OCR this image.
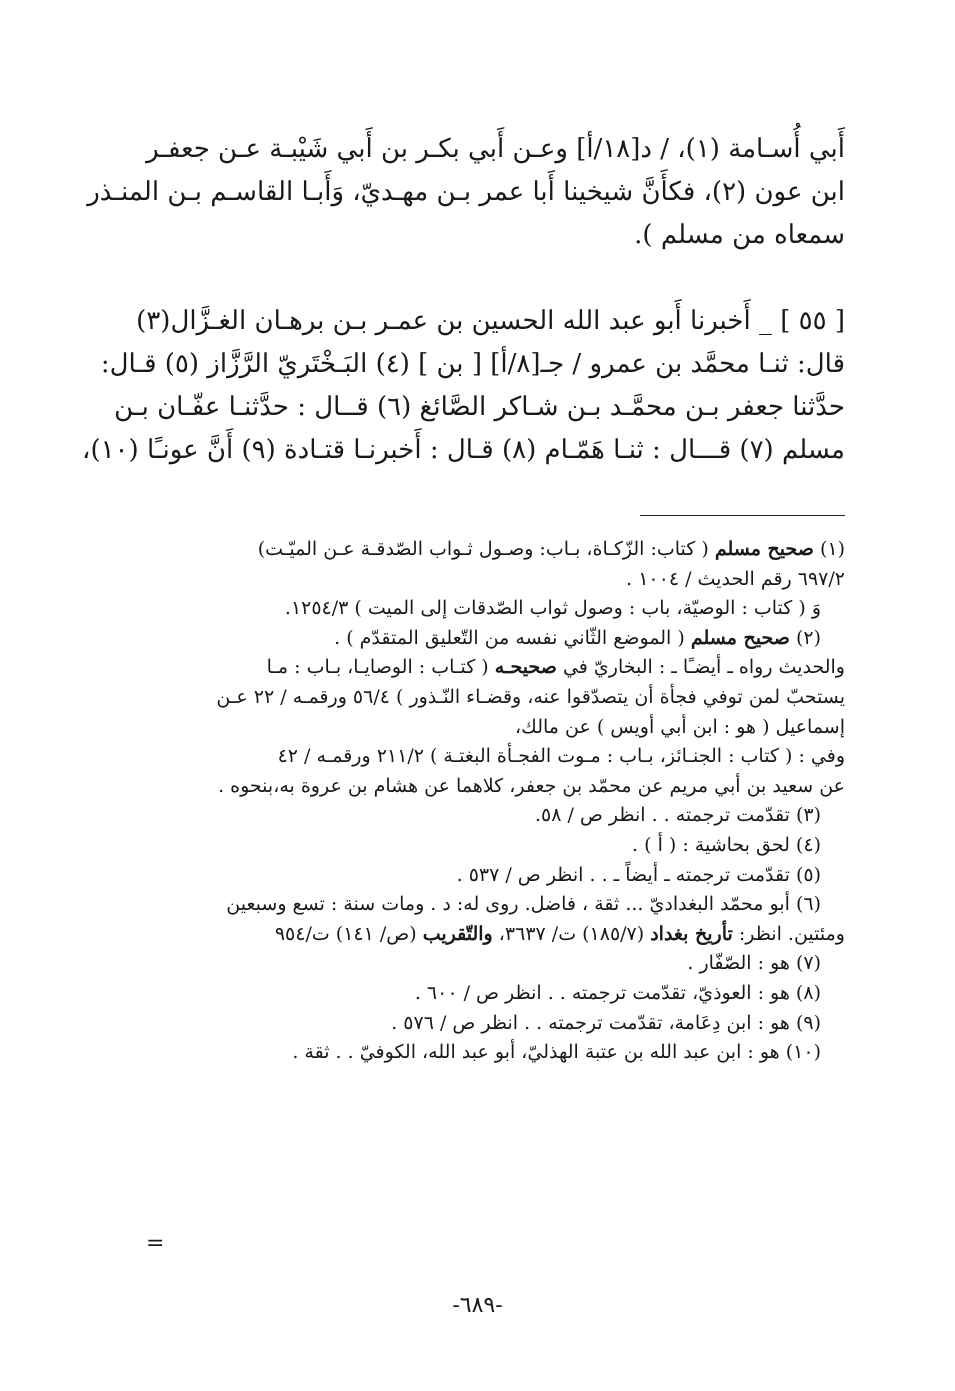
أَبي أُسـامة (١)، / د[١٨/أ] وعـن أَبي بكـر بن أَبي شَيْبـة عـن جعفـر
ابن عون (٢)، فكأَنَّ شيخينا أَبا عمر بـن مهـديّ، وَأَبـا القاسـم بـن المنـذر
سمعاه من مسلم ).
[ ٥٥ ] _ أَخبرنا أَبو عبد الله الحسين بن عمـر بـن برهـان الغـزَّال(٣)
قال: ثنـا محمَّد بن عمرو / جـ[٨/أ] [ بن ] (٤) البَـخْتَريّ الرَّزَّاز (٥) قـال:
حدَّثنا جعفر بـن محمَّـد بـن شـاكر الصَّائغ (٦) قــال : حدَّثنـا عفّـان بـن
مسلم (٧) قـــال : ثنـا هَمّـام (٨) قـال : أَخبرنـا قتـادة (٩) أَنَّ عونـًا (١٠)،
(١) صحيح مسلم ( كتاب: الزّكـاة، بـاب: وصـول ثـواب الصّدقـة عـن الميّـت)
٦٩٧/٢ رقم الحديث / ١٠٠٤ .
وَ ( كتاب : الوصيّة، باب : وصول ثواب الصّدقات إلى الميت ) ١٢٥٤/٣.
(٢) صحيح مسلم ( الموضع الثّاني نفسه من التّعليق المتقدّم ) .
والحديث رواه ـ أيضـًا ـ : البخاريّ في صحيحـه ( كتـاب : الوصايـا، بـاب : مـا
يستحبّ لمن توفي فجأة أن يتصدّقوا عنه، وقضـاء النّـذور ) ٥٦/٤ ورقمـه / ٢٢ عـن
إسماعيل ( هو : ابن أبي أويس ) عن مالك،
وفي : ( كتاب : الجنـائز، بـاب : مـوت الفجـأة البغتـة ) ٢١١/٢ ورقمـه / ٤٢
عن سعيد بن أبي مريم عن محمّد بن جعفر، كلاهما عن هشام بن عروة به،بنحوه .
(٣) تقدّمت ترجمته . . انظر ص / ٥٨.
(٤) لحق بحاشية : ( أ ) .
(٥) تقدّمت ترجمته ـ أيضاً ـ . . انظر ص / ٥٣٧ .
(٦) أبو محمّد البغداديّ ... ثقة ، فاضل. روى له: د . ومات سنة : تسع وسبعين
ومئتين. انظر: تأريخ بغداد (١٨٥/٧) ت/ ٣٦٣٧، والتّقريب (ص/ ١٤١) ت/٩٥٤
(٧) هو : الصّفّار .
(٨) هو : العوذيّ، تقدّمت ترجمته . . انظر ص / ٦٠٠ .
(٩) هو : ابن دِعَامة، تقدّمت ترجمته . . انظر ص / ٥٧٦ .
(١٠) هو : ابن عبد الله بن عتبة الهذليّ، أبو عبد الله، الكوفيّ . . ثقة .
=
-٦٨٩-
